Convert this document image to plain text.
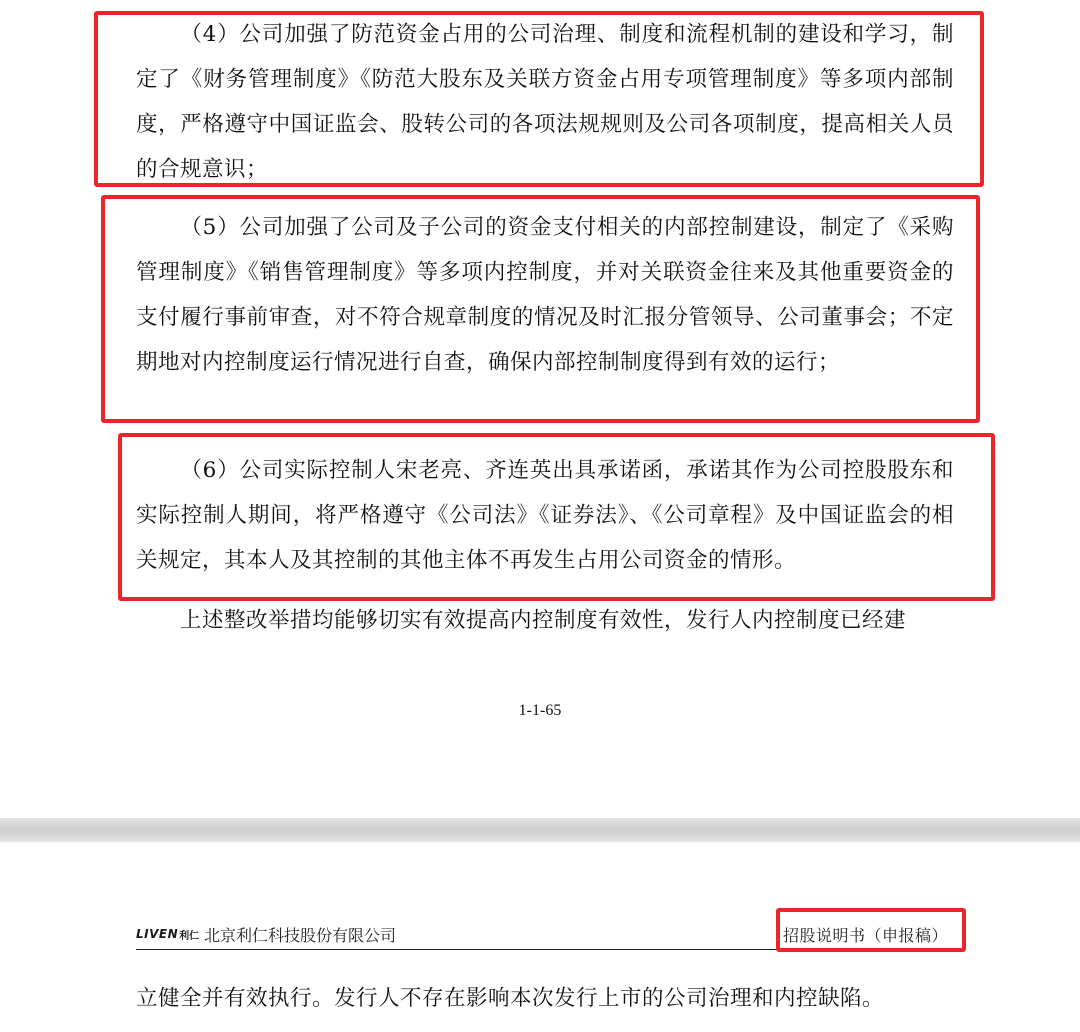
（4）公司加强了防范资金占用的公司治理、制度和流程机制的建设和学习，制定了《财务管理制度》《防范大股东及关联方资金占用专项管理制度》等多项内部制度，严格遵守中国证监会、股转公司的各项法规规则及公司各项制度，提高相关人员的合规意识；

（5）公司加强了公司及子公司的资金支付相关的内部控制建设，制定了《采购管理制度》《销售管理制度》等多项内控制度，并对关联资金往来及其他重要资金的支付履行事前审查，对不符合规章制度的情况及时汇报分管领导、公司董事会；不定期地对内控制度运行情况进行自查，确保内部控制制度得到有效的运行；

（6）公司实际控制人宋老亮、齐连英出具承诺函，承诺其作为公司控股股东和实际控制人期间，将严格遵守《公司法》《证券法》、《公司章程》及中国证监会的相关规定，其本人及其控制的其他主体不再发生占用公司资金的情形。

上述整改举措均能够切实有效提高内控制度有效性，发行人内控制度已经建

1-1-65
LIVEN 利仁 北京利仁科技股份有限公司	招股说明书（申报稿）

立健全并有效执行。发行人不存在影响本次发行上市的公司治理和内控缺陷。
